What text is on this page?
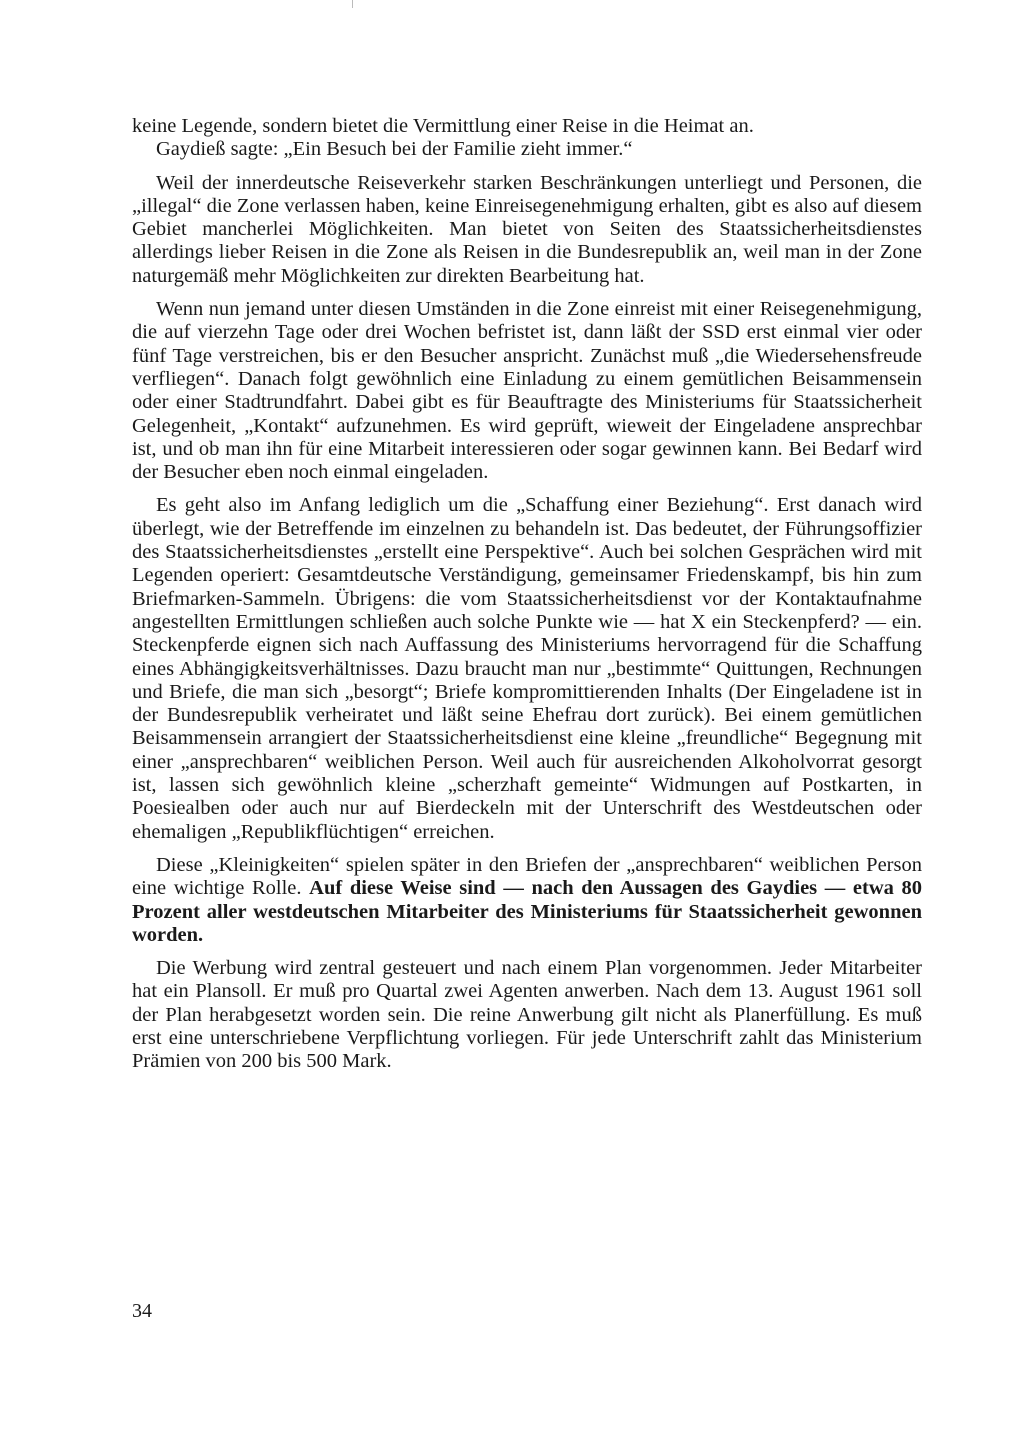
keine Legende, sondern bietet die Vermittlung einer Reise in die Heimat an.
Gaydieß sagte: „Ein Besuch bei der Familie zieht immer.“

Weil der innerdeutsche Reiseverkehr starken Beschränkungen unterliegt und Personen, die „illegal“ die Zone verlassen haben, keine Einreisegenehmigung erhalten, gibt es also auf diesem Gebiet mancherlei Möglichkeiten. Man bietet von Seiten des Staatssicherheitsdienstes allerdings lieber Reisen in die Zone als Reisen in die Bundesrepublik an, weil man in der Zone naturgemäß mehr Möglichkeiten zur direkten Bearbeitung hat.

Wenn nun jemand unter diesen Umständen in die Zone einreist mit einer Reisegenehmigung, die auf vierzehn Tage oder drei Wochen befristet ist, dann läßt der SSD erst einmal vier oder fünf Tage verstreichen, bis er den Besucher anspricht. Zunächst muß „die Wiedersehensfreude verfliegen“. Danach folgt gewöhnlich eine Einladung zu einem gemütlichen Beisammensein oder einer Stadtrundfahrt. Dabei gibt es für Beauftragte des Ministeriums für Staatssicherheit Gelegenheit, „Kontakt“ aufzunehmen. Es wird geprüft, wieweit der Eingeladene ansprechbar ist, und ob man ihn für eine Mitarbeit interessieren oder sogar gewinnen kann. Bei Bedarf wird der Besucher eben noch einmal eingeladen.

Es geht also im Anfang lediglich um die „Schaffung einer Beziehung“. Erst danach wird überlegt, wie der Betreffende im einzelnen zu behandeln ist. Das bedeutet, der Führungsoffizier des Staatssicherheitsdienstes „erstellt eine Perspektive“. Auch bei solchen Gesprächen wird mit Legenden operiert: Gesamtdeutsche Verständigung, gemeinsamer Friedenskampf, bis hin zum Briefmarken-Sammeln. Übrigens: die vom Staatssicherheitsdienst vor der Kontaktaufnahme angestellten Ermittlungen schließen auch solche Punkte wie — hat X ein Steckenpferd? — ein. Steckenpferde eignen sich nach Auffassung des Ministeriums hervorragend für die Schaffung eines Abhängigkeitsverhältnisses. Dazu braucht man nur „bestimmte“ Quittungen, Rechnungen und Briefe, die man sich „besorgt“; Briefe kompromittierenden Inhalts (Der Eingeladene ist in der Bundesrepublik verheiratet und läßt seine Ehefrau dort zurück). Bei einem gemütlichen Beisammensein arrangiert der Staatssicherheitsdienst eine kleine „freundliche“ Begegnung mit einer „ansprechbaren“ weiblichen Person. Weil auch für ausreichenden Alkoholvorrat gesorgt ist, lassen sich gewöhnlich kleine „scherzhaft gemeinte“ Widmungen auf Postkarten, in Poesiealben oder auch nur auf Bierdeckeln mit der Unterschrift des Westdeutschen oder ehemaligen „Republikflüchtigen“ erreichen.

Diese „Kleinigkeiten“ spielen später in den Briefen der „ansprechbaren“ weiblichen Person eine wichtige Rolle. Auf diese Weise sind — nach den Aussagen des Gaydies — etwa 80 Prozent aller westdeutschen Mitarbeiter des Ministeriums für Staatssicherheit gewonnen worden.

Die Werbung wird zentral gesteuert und nach einem Plan vorgenommen. Jeder Mitarbeiter hat ein Plansoll. Er muß pro Quartal zwei Agenten anwerben. Nach dem 13. August 1961 soll der Plan herabgesetzt worden sein. Die reine Anwerbung gilt nicht als Planerfüllung. Es muß erst eine unterschriebene Verpflichtung vorliegen. Für jede Unterschrift zahlt das Ministerium Prämien von 200 bis 500 Mark.

34
